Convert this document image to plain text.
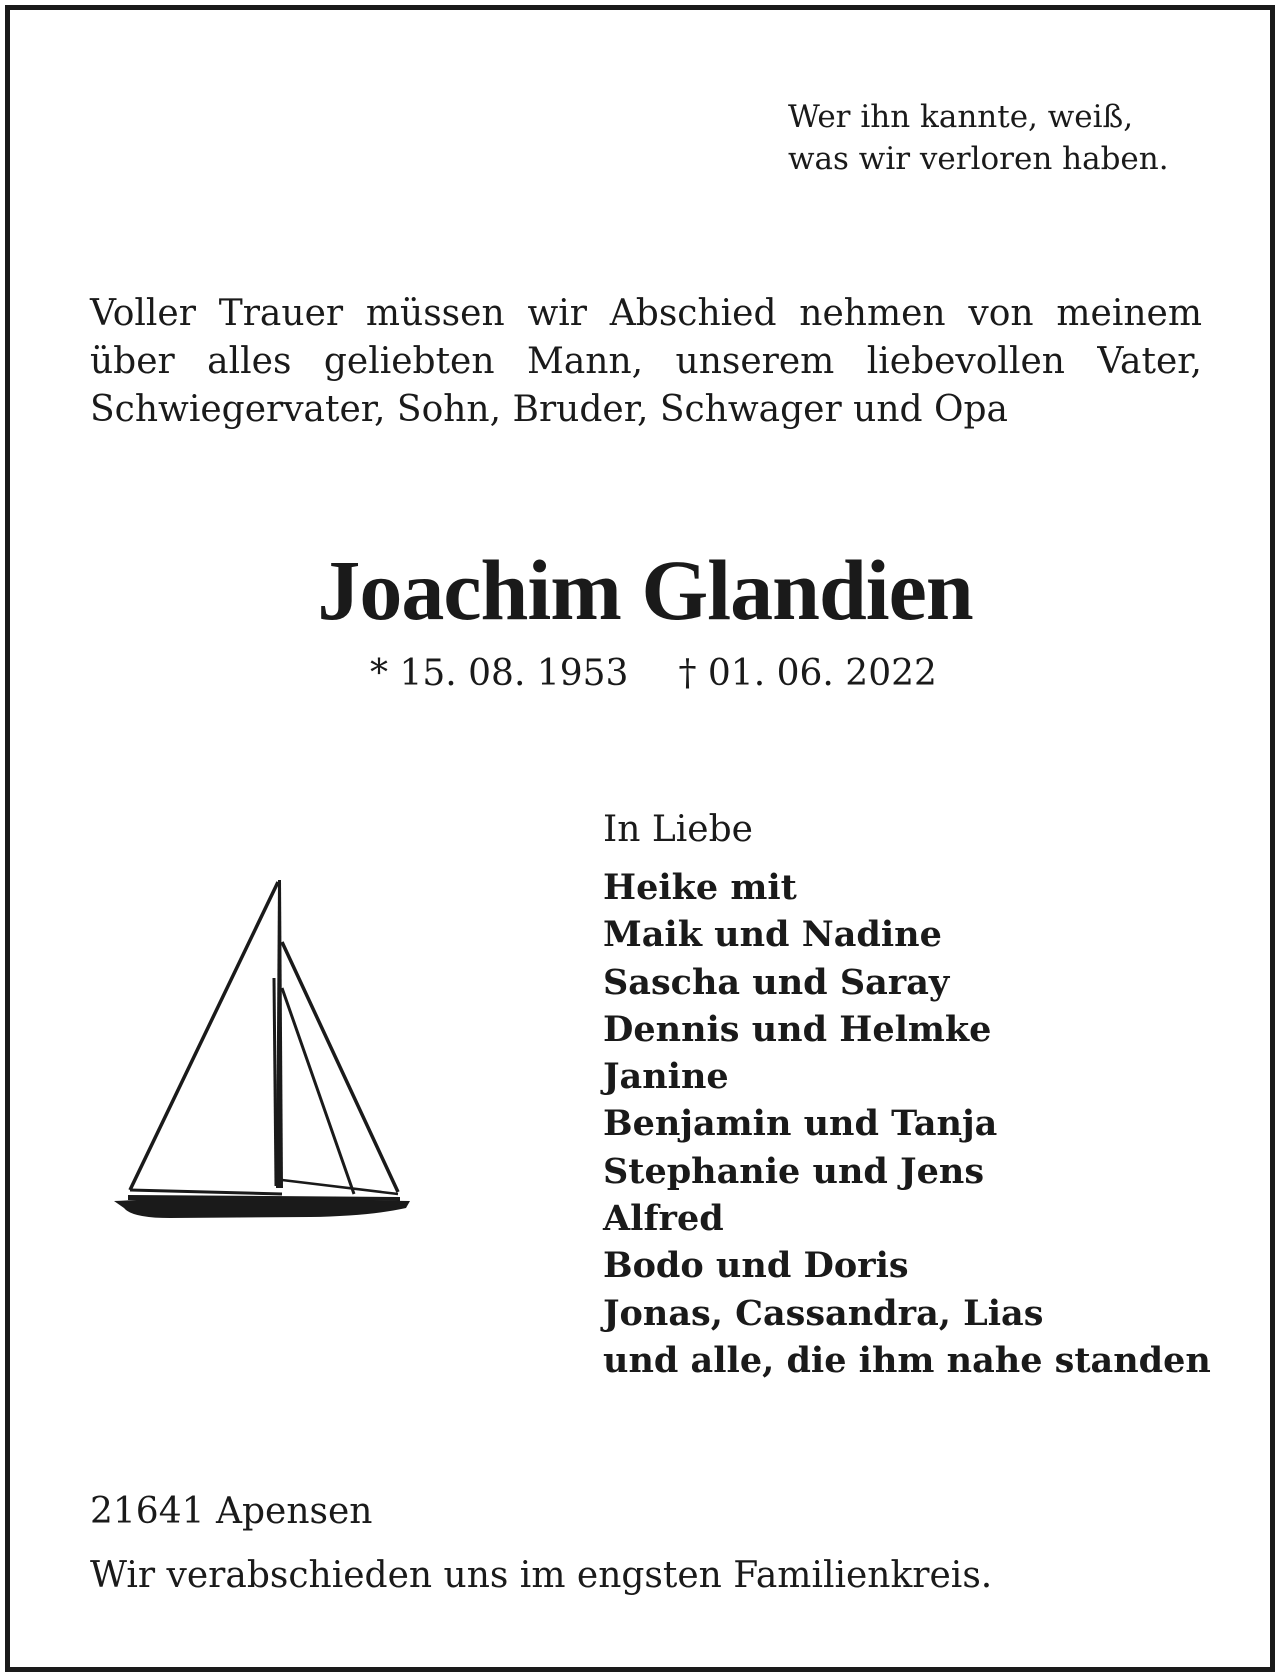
Wer ihn kannte, weiß,
was wir verloren haben.
Voller Trauer müssen wir Abschied nehmen von meinem
über alles geliebten Mann, unserem liebevollen Vater,
Schwiegervater, Sohn, Bruder, Schwager und Opa
Joachim Glandien
* 15. 08. 1953 † 01. 06. 2022
In Liebe
Heike mit
Maik und Nadine
Sascha und Saray
Dennis und Helmke
Janine
Benjamin und Tanja
Stephanie und Jens
Alfred
Bodo und Doris
Jonas, Cassandra, Lias
und alle, die ihm nahe standen
21641 Apensen
Wir verabschieden uns im engsten Familienkreis.
